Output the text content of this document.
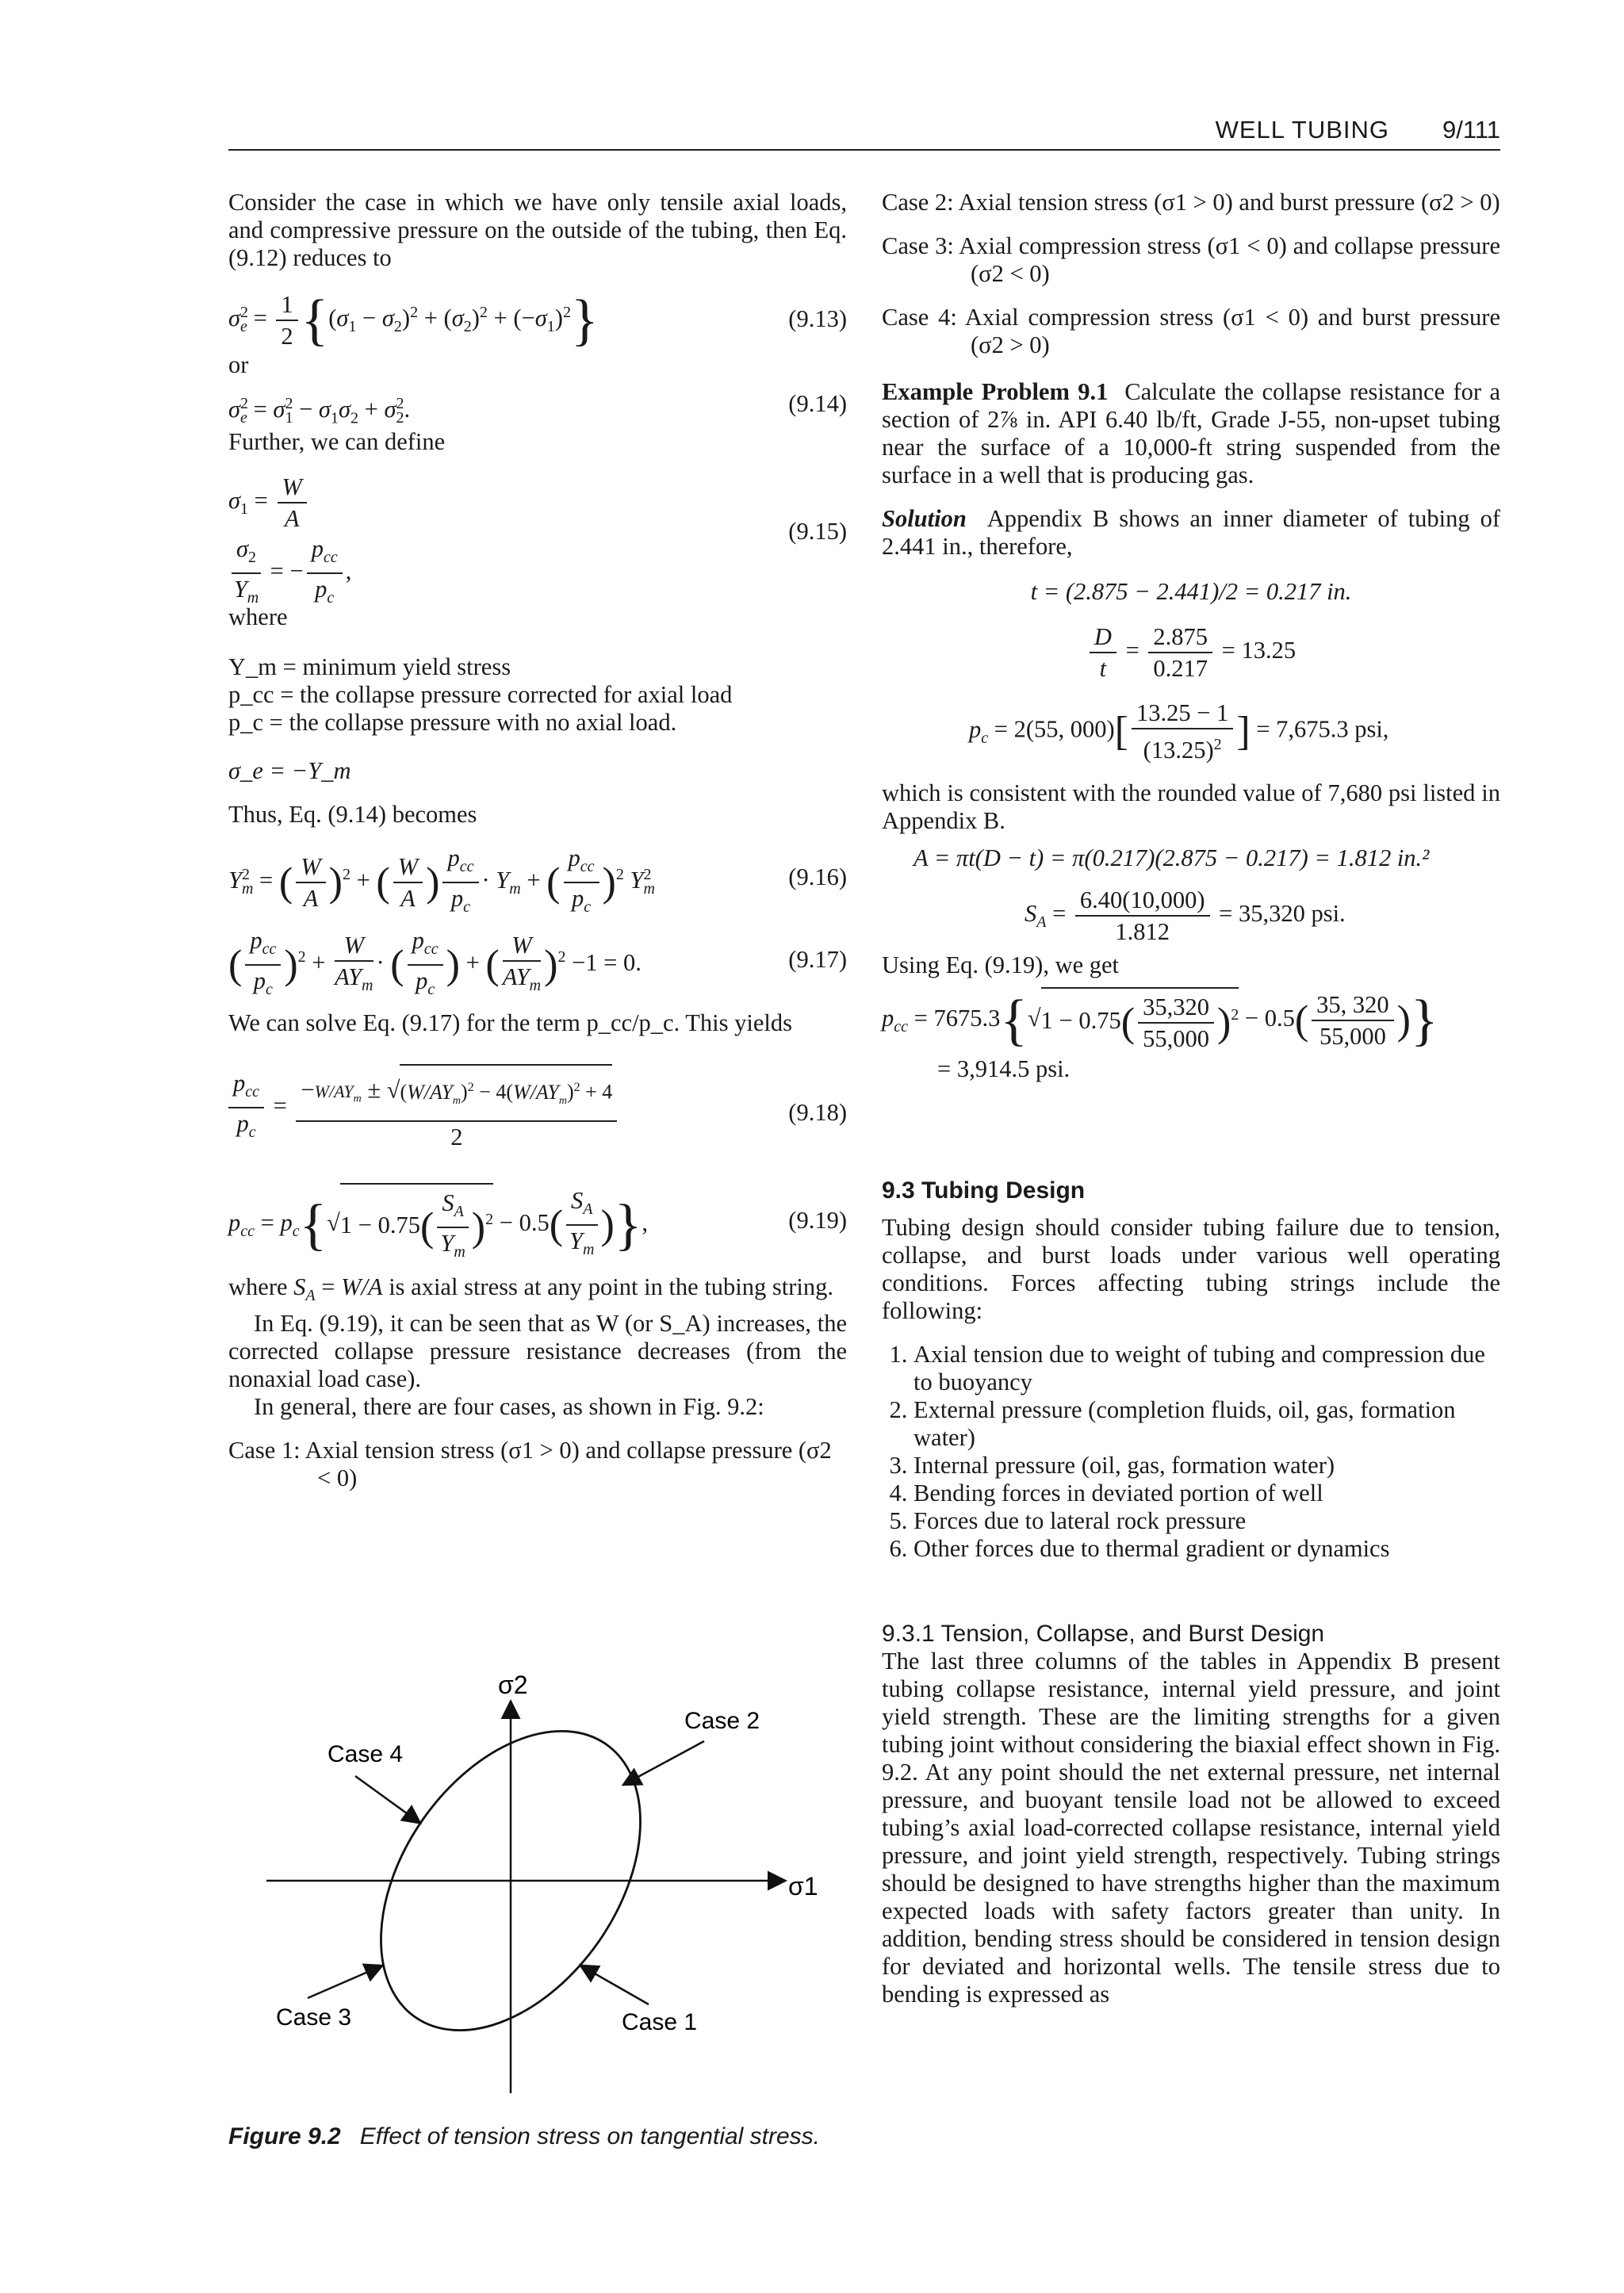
WELL TUBING 9/111

Consider the case in which we have only tensile axial loads, and compressive pressure on the outside of the tubing, then Eq. (9.12) reduces to

$\sigma^2_e = \frac{1}{2} \{(\sigma_1 - \sigma_2)^2 + (\sigma_2)^2 + (-\sigma_1)^2\}$	(9.13)

or

$\sigma^2_e = \sigma^2_1 - \sigma_1\sigma_2 + \sigma^2_2$.	(9.14)

Further, we can define

$\sigma_1 = \frac{W}{A}$
$\frac{\sigma_2}{Y_m}$ = − $\frac{p_{cc}}{p_c}$ ,
(9.15)

where

Y_m = minimum yield stress

p_cc = the collapse pressure corrected for axial load

p_c = the collapse pressure with no axial load.

σ_e = −Y_m

Thus, Eq. (9.14) becomes

$Y^2_m$ = ( $\frac{W}{A} )^2$ + ( $\frac{W}{A}$ ) $\frac{p_{cc}}{p_c} \cdot Y_m$ + ( $\frac{p_{cc}}{p_c} )^2$ $Y^2_m$	(9.16)
( $\frac{p_{cc}}{p_c} )^2 + \frac{W}{AY_m}$ · ( $\frac{p_{cc}}{p_c}$ ) + ( $\frac{W}{AY_m} )^2 -1 = 0$.	(9.17)

We can solve Eq. (9.17) for the term p_cc/p_c. This yields

$\frac{p_{cc}}{p_c} = \frac{-W/AY_m \pm √(W/AY_m)^2 - 4(W/AY_m)^2 + 4}{2}$	(9.18)
$p_{cc} = p_c\{√1 - 0.75( \frac{S_A}{Y_m} )^2 - 0.5( \frac{S_A}{Y_m}$ )},	(9.19)

where $S_A = W/A$ is axial stress at any point in the tubing string.

In Eq. (9.19), it can be seen that as W (or S_A) increases, the corrected collapse pressure resistance decreases (from the nonaxial load case).

In general, there are four cases, as shown in Fig. 9.2:

Case 1: Axial tension stress (σ1 > 0) and collapse pressure (σ2 < 0)

σ1
σ2
Case 2
Case 4
Case 3	Case 1

Figure 9.2 Effect of tension stress on tangential stress.

Case 2: Axial tension stress (σ1 > 0) and burst pressure (σ2 > 0)

Case 3: Axial compression stress (σ1 < 0) and collapse pressure (σ2 < 0)

Case 4: Axial compression stress (σ1 < 0) and burst pressure (σ2 > 0)

Example Problem 9.1 Calculate the collapse resistance for a section of 2⅞ in. API 6.40 lb/ft, Grade J-55, non-upset tubing near the surface of a 10,000-ft string suspended from the surface in a well that is producing gas.

Solution Appendix B shows an inner diameter of tubing of 2.441 in., therefore,

t = (2.875 − 2.441)/2 = 0.217 in.

$\frac{D}{t} = \frac{2.875}{0.217} = 13.25$
$p_c = 2(55$, $000)[ \frac{13.25 - 1}{(13.25)^2}$ ] = 7,675.3 psi,

which is consistent with the rounded value of 7,680 psi listed in Appendix B.

A = πt(D − t) = π(0.217)(2.875 − 0.217) = 1.812 in.²

$S_A = \frac{6.40(10,000)}{1.812} = 35,320$ psi.

Using Eq. (9.19), we get

$p_{cc} = 7675.3\{√1 - 0.75( \frac{35,320}{55,000} )^2 - 0.5( \frac{35, 320}{55,000}$ )}

= 3,914.5 psi.

9.3 Tubing Design

Tubing design should consider tubing failure due to tension, collapse, and burst loads under various well operating conditions. Forces affecting tubing strings include the following:

1. Axial tension due to weight of tubing and compression due to buoyancy
2. External pressure (completion fluids, oil, gas, formation water)
3. Internal pressure (oil, gas, formation water)
4. Bending forces in deviated portion of well
5. Forces due to lateral rock pressure
6. Other forces due to thermal gradient or dynamics

9.3.1 Tension, Collapse, and Burst Design

The last three columns of the tables in Appendix B present tubing collapse resistance, internal yield pressure, and joint yield strength. These are the limiting strengths for a given tubing joint without considering the biaxial effect shown in Fig. 9.2. At any point should the net external pressure, net internal pressure, and buoyant tensile load not be allowed to exceed tubing’s axial load-corrected collapse resistance, internal yield pressure, and joint yield strength, respectively. Tubing strings should be designed to have strengths higher than the maximum expected loads with safety factors greater than unity. In addition, bending stress should be considered in tension design for deviated and horizontal wells. The tensile stress due to bending is expressed as
